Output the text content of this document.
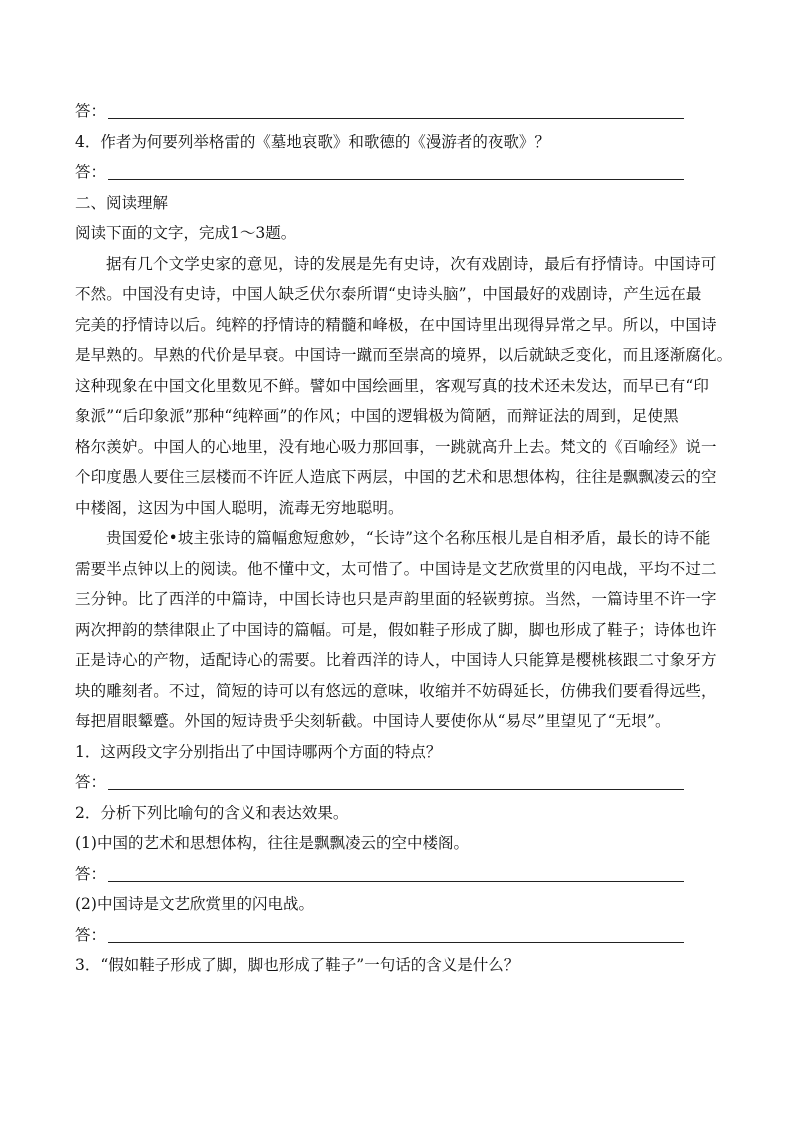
答：
4．作者为何要列举格雷的《墓地哀歌》和歌德的《漫游者的夜歌》？
答：
二、阅读理解
阅读下面的文字，完成1～3题。
据有几个文学史家的意见，诗的发展是先有史诗，次有戏剧诗，最后有抒情诗。中国诗可
不然。中国没有史诗，中国人缺乏伏尔泰所谓“史诗头脑”，中国最好的戏剧诗，产生远在最
完美的抒情诗以后。纯粹的抒情诗的精髓和峰极，在中国诗里出现得异常之早。所以，中国诗
是早熟的。早熟的代价是早衰。中国诗一蹴而至崇高的境界，以后就缺乏变化，而且逐渐腐化。
这种现象在中国文化里数见不鲜。譬如中国绘画里，客观写真的技术还未发达，而早已有“印
象派”“后印象派”那种“纯粹画”的作风；中国的逻辑极为简陋，而辩证法的周到，足使黑
格尔羡妒。中国人的心地里，没有地心吸力那回事，一跳就高升上去。梵文的《百喻经》说一
个印度愚人要住三层楼而不许匠人造底下两层，中国的艺术和思想体构，往往是飘飘凌云的空
中楼阁，这因为中国人聪明，流毒无穷地聪明。
贵国爱伦•坡主张诗的篇幅愈短愈妙，“长诗”这个名称压根儿是自相矛盾，最长的诗不能
需要半点钟以上的阅读。他不懂中文，太可惜了。中国诗是文艺欣赏里的闪电战，平均不过二
三分钟。比了西洋的中篇诗，中国长诗也只是声韵里面的轻嵚剪掠。当然，一篇诗里不许一字
两次押韵的禁律限止了中国诗的篇幅。可是，假如鞋子形成了脚，脚也形成了鞋子；诗体也许
正是诗心的产物，适配诗心的需要。比着西洋的诗人，中国诗人只能算是樱桃核跟二寸象牙方
块的雕刻者。不过，简短的诗可以有悠远的意味，收缩并不妨碍延长，仿佛我们要看得远些，
每把眉眼颦蹙。外国的短诗贵乎尖刻斩截。中国诗人要使你从“易尽”里望见了“无垠”。
1．这两段文字分别指出了中国诗哪两个方面的特点？
答：
2．分析下列比喻句的含义和表达效果。
(1)中国的艺术和思想体构，往往是飘飘凌云的空中楼阁。
答：
(2)中国诗是文艺欣赏里的闪电战。
答：
3．“假如鞋子形成了脚，脚也形成了鞋子”一句话的含义是什么？
